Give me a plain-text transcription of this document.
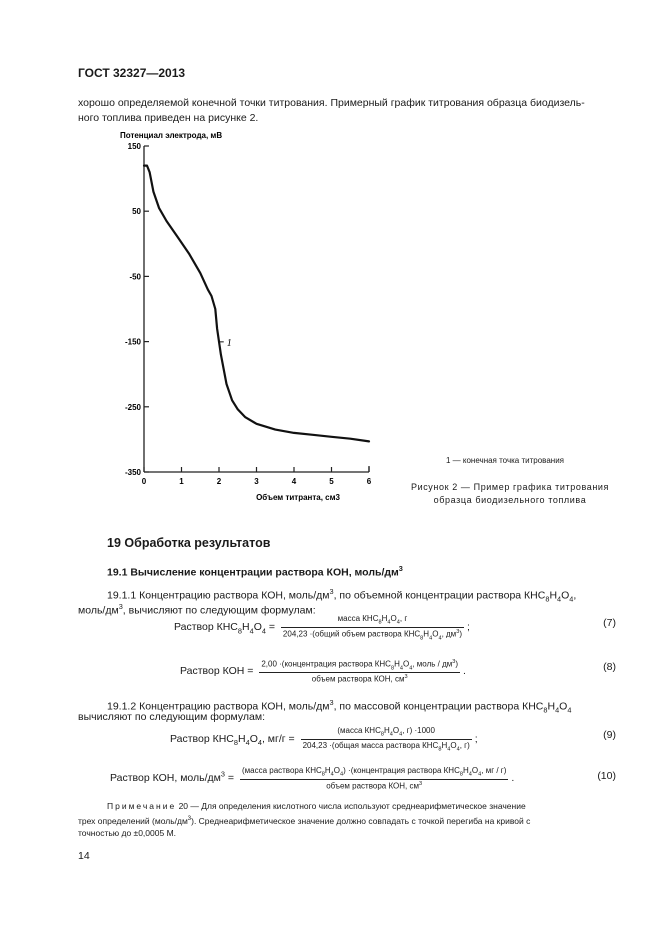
ГОСТ 32327—2013
хорошо определяемой конечной точки титрования. Примерный график титрования образца биодизель-
ного топлива приведен на рисунке 2.
Потенциал электрода, мВ
150
50
-50
-150
-250
-350
0	1	2	3	4	5	6
1
Объем титранта, см3
1 — конечная точка титрования
Рисунок 2 — Пример графика титрования
образца биодизельного топлива
19 Обработка результатов
19.1 Вычисление концентрации раствора КОН, моль/$дм^3$
19.1.1 Концентрацию раствора КОН, моль/$дм^3$, по объемной концентрации раствора $КНС_8Н_4О_4$,
моль/$дм^3$, вычисляют по следующим формулам:
Раствор $КНС_8Н_4О_4 = \frac{масса КНС_8Н_4О_4, г}{204,23 \cdot(общий объем раствора КНС_8Н_4О_4, дм^3)}$ ;	(7)
Раствор КОН = $\frac{2,00 \cdot(концентрация раствора КНС_8Н_4О_4, моль / дм^3)}{объем раствора КОН, см^3}$ .	(8)
19.1.2 Концентрацию раствора КОН, моль/$дм^3$, по массовой концентрации раствора $КНС_8Н_4О_4$
вычисляют по следующим формулам:
Раствор $КНС_8Н_4О_4$, $мг/г = \frac{(масса КНС_8Н_4О_4, г) \cdot 1000}{204,23 \cdot(общая масса раствора КНС_8Н_4О_4, г)}$ ;	(9)
Раствор КОН, моль/$дм^3$ =
(масса раствора $КНС_8Н_4О_4$) ·(концентрация раствора $КНС_8Н_4О_4$, мг / г)
объем раствора КОН, $см^3$	.	(10)
Примечание 20 — Для определения кислотного числа используют среднеарифметическое значение
трех определений $(моль/дм^3)$. Среднеарифметическое значение должно совпадать с точкой перегиба на кривой с
точностью до ±0,0005 М.
14
